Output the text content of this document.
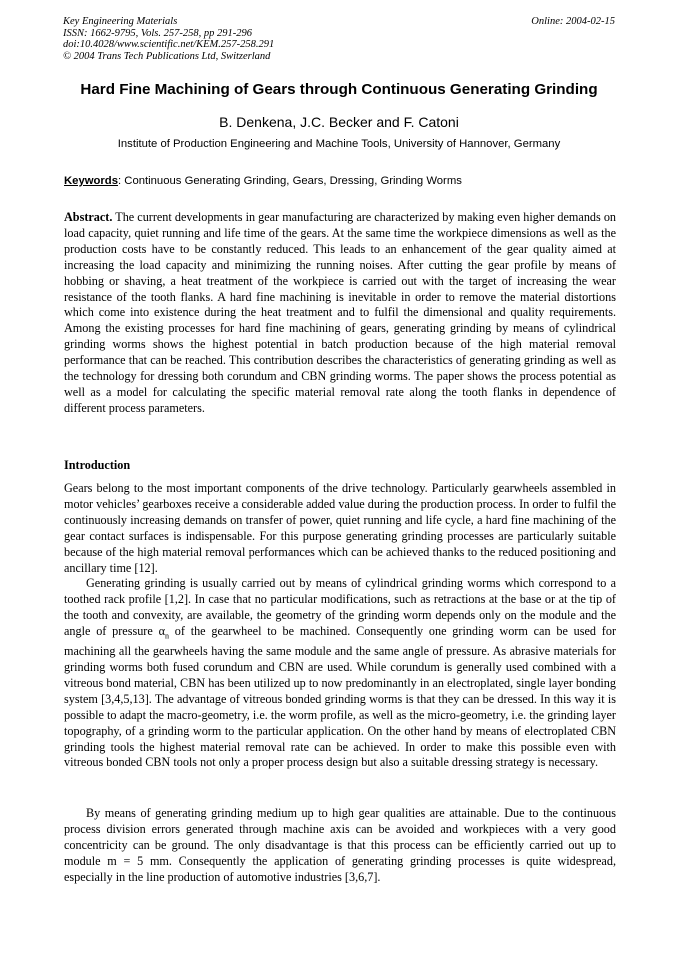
Key Engineering Materials
ISSN: 1662-9795, Vols. 257-258, pp 291-296
doi:10.4028/www.scientific.net/KEM.257-258.291
© 2004 Trans Tech Publications Ltd, Switzerland
Online: 2004-02-15
Hard Fine Machining of Gears through Continuous Generating Grinding
B. Denkena, J.C. Becker and F. Catoni
Institute of Production Engineering and Machine Tools, University of Hannover, Germany
Keywords: Continuous Generating Grinding, Gears, Dressing, Grinding Worms

Abstract. The current developments in gear manufacturing are characterized by making even higher demands on load capacity, quiet running and life time of the gears. At the same time the workpiece dimensions as well as the production costs have to be constantly reduced. This leads to an enhancement of the gear quality aimed at increasing the load capacity and minimizing the running noises. After cutting the gear profile by means of hobbing or shaving, a heat treatment of the workpiece is carried out with the target of increasing the wear resistance of the tooth flanks. A hard fine machining is inevitable in order to remove the material distortions which come into existence during the heat treatment and to fulfil the dimensional and quality requirements. Among the existing processes for hard fine machining of gears, generating grinding by means of cylindrical grinding worms shows the highest potential in batch production because of the high material removal performance that can be reached. This contribution describes the characteristics of generating grinding as well as the technology for dressing both corundum and CBN grinding worms. The paper shows the process potential as well as a model for calculating the specific material removal rate along the tooth flanks in dependence of different process parameters.

Introduction

Gears belong to the most important components of the drive technology. Particularly gearwheels assembled in motor vehicles’ gearboxes receive a considerable added value during the production process. In order to fulfil the continuously increasing demands on transfer of power, quiet running and life cycle, a hard fine machining of the gear contact surfaces is indispensable. For this purpose generating grinding processes are particularly suitable because of the high material removal performances which can be achieved thanks to the reduced positioning and ancillary time [12].

Generating grinding is usually carried out by means of cylindrical grinding worms which correspond to a toothed rack profile [1,2]. In case that no particular modifications, such as retractions at the base or at the tip of the tooth and convexity, are available, the geometry of the grinding worm depends only on the module and the angle of pressure $\alpha_n$ of the gearwheel to be machined. Consequently one grinding worm can be used for machining all the gearwheels having the same module and the same angle of pressure. As abrasive materials for grinding worms both fused corundum and CBN are used. While corundum is generally used combined with a vitreous bond material, CBN has been utilized up to now predominantly in an electroplated, single layer bonding system [3,4,5,13]. The advantage of vitreous bonded grinding worms is that they can be dressed. In this way it is possible to adapt the macro-geometry, i.e. the worm profile, as well as the micro-geometry, i.e. the grinding layer topography, of a grinding worm to the particular application. On the other hand by means of electroplated CBN grinding tools the highest material removal rate can be achieved. In order to make this possible even with vitreous bonded CBN tools not only a proper process design but also a suitable dressing strategy is necessary.

By means of generating grinding medium up to high gear qualities are attainable. Due to the continuous process division errors generated through machine axis can be avoided and workpieces with a very good concentricity can be ground. The only disadvantage is that this process can be efficiently carried out up to module m = 5 mm. Consequently the application of generating grinding processes is quite widespread, especially in the line production of automotive industries [3,6,7].
